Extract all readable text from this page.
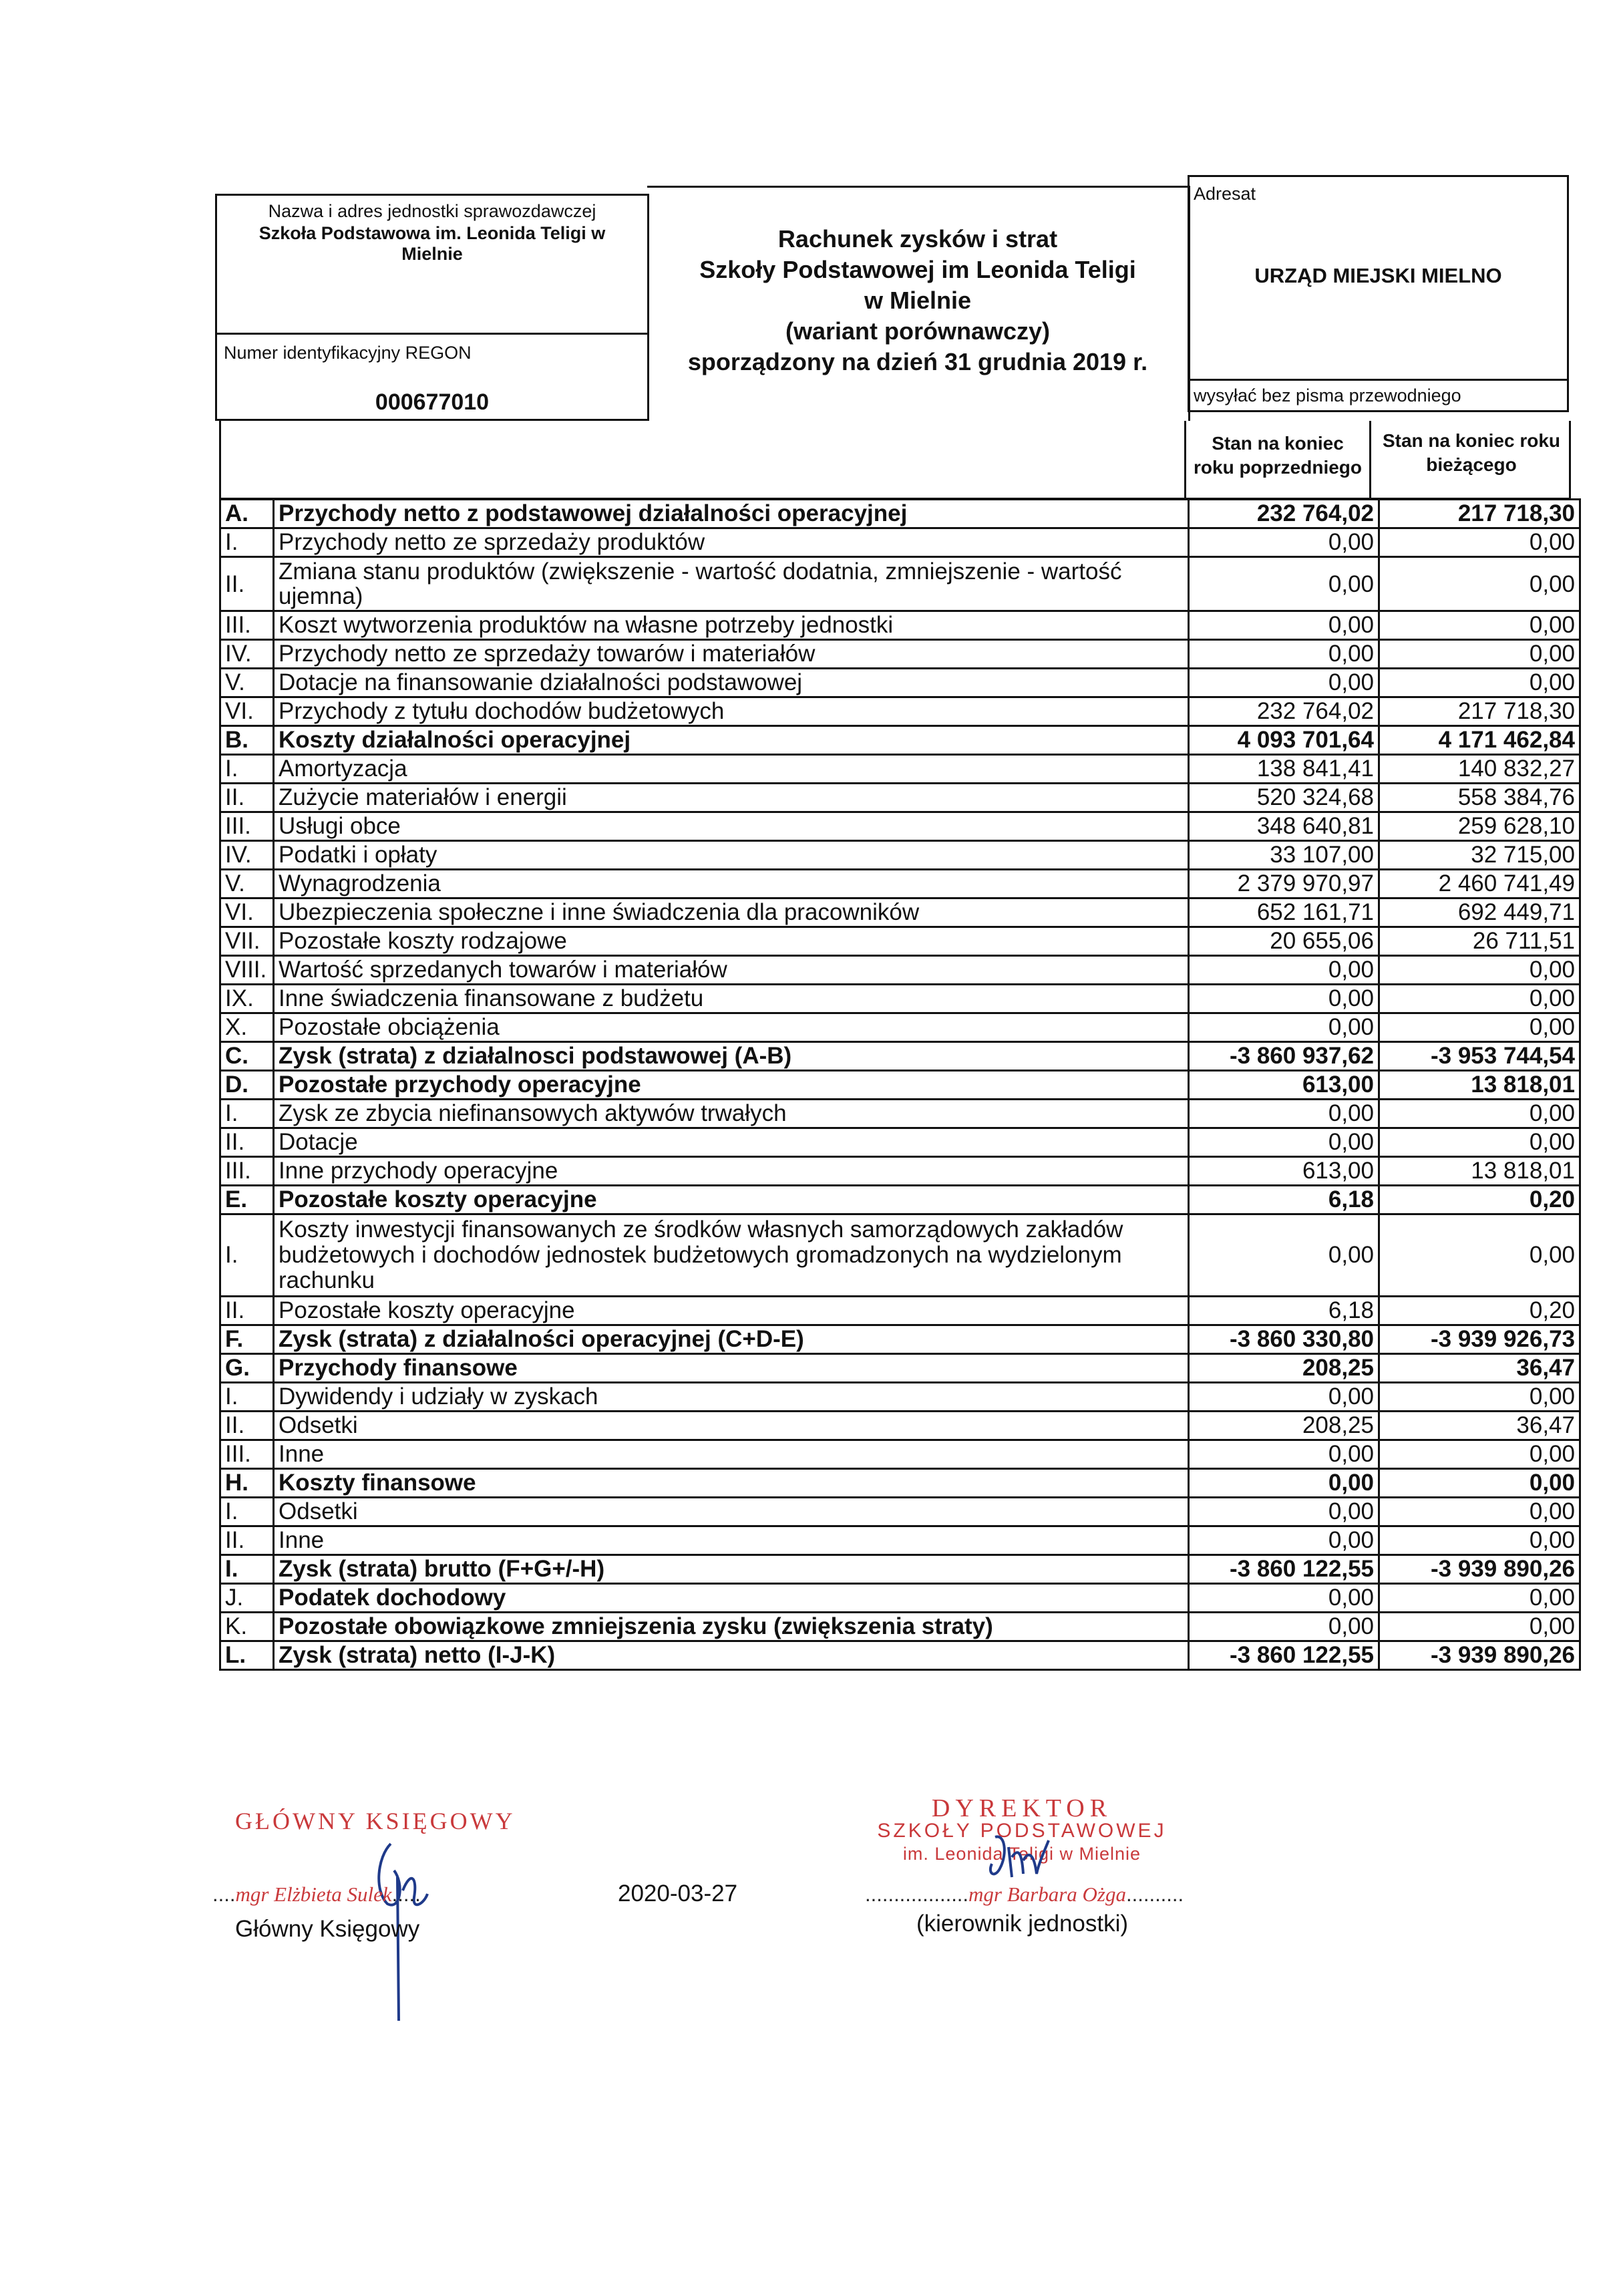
Nazwa i adres jednostki sprawozdawczej
Szkoła Podstawowa im. Leonida Teligi w
Mielnie
Numer identyfikacyjny REGON
000677010
Rachunek zysków i strat
Szkoły Podstawowej im Leonida Teligi
w Mielnie
(wariant porównawczy)
sporządzony na dzień 31 grudnia 2019 r.
Adresat
URZĄD MIEJSKI MIELNO
wysyłać bez pisma przewodniego
Stan na koniec
roku poprzedniego
Stan na koniec roku
bieżącego
A.	Przychody netto z podstawowej działalności operacyjnej	232 764,02	217 718,30
I.	Przychody netto ze sprzedaży produktów	0,00	0,00
II.	Zmiana stanu produktów (zwiększenie - wartość dodatnia, zmniejszenie - wartość ujemna)	0,00	0,00
III.	Koszt wytworzenia produktów na własne potrzeby jednostki	0,00	0,00
IV.	Przychody netto ze sprzedaży towarów i materiałów	0,00	0,00
V.	Dotacje na finansowanie działalności podstawowej	0,00	0,00
VI.	Przychody z tytułu dochodów budżetowych	232 764,02	217 718,30
B.	Koszty działalności operacyjnej	4 093 701,64	4 171 462,84
I.	Amortyzacja	138 841,41	140 832,27
II.	Zużycie materiałów i energii	520 324,68	558 384,76
III.	Usługi obce	348 640,81	259 628,10
IV.	Podatki i opłaty	33 107,00	32 715,00
V.	Wynagrodzenia	2 379 970,97	2 460 741,49
VI.	Ubezpieczenia społeczne i inne świadczenia dla pracowników	652 161,71	692 449,71
VII.	Pozostałe koszty rodzajowe	20 655,06	26 711,51
VIII.	Wartość sprzedanych towarów i materiałów	0,00	0,00
IX.	Inne świadczenia finansowane z budżetu	0,00	0,00
X.	Pozostałe obciążenia	0,00	0,00
C.	Zysk (strata) z działalnosci podstawowej (A-B)	-3 860 937,62	-3 953 744,54
D.	Pozostałe przychody operacyjne	613,00	13 818,01
I.	Zysk ze zbycia niefinansowych aktywów trwałych	0,00	0,00
II.	Dotacje	0,00	0,00
III.	Inne przychody operacyjne	613,00	13 818,01
E.	Pozostałe koszty operacyjne	6,18	0,20
I.	Koszty inwestycji finansowanych ze środków własnych samorządowych zakładów budżetowych i dochodów jednostek budżetowych gromadzonych na wydzielonym rachunku	0,00	0,00
II.	Pozostałe koszty operacyjne	6,18	0,20
F.	Zysk (strata) z działalności operacyjnej (C+D-E)	-3 860 330,80	-3 939 926,73
G.	Przychody finansowe	208,25	36,47
I.	Dywidendy i udziały w zyskach	0,00	0,00
II.	Odsetki	208,25	36,47
III.	Inne	0,00	0,00
H.	Koszty finansowe	0,00	0,00
I.	Odsetki	0,00	0,00
II.	Inne	0,00	0,00
I.	Zysk (strata) brutto (F+G+/-H)	-3 860 122,55	-3 939 890,26
J.	Podatek dochodowy	0,00	0,00
K.	Pozostałe obowiązkowe zmniejszenia zysku (zwiększenia straty)	0,00	0,00
L.	Zysk (strata) netto (I-J-K)	-3 860 122,55	-3 939 890,26
GŁÓWNY KSIĘGOWY
....mgr Elżbieta Sulek.....
Główny Księgowy
2020-03-27
DYREKTOR
SZKOŁY PODSTAWOWEJ
im. Leonida Teligi w Mielnie
..................mgr Barbara Ożga..........
(kierownik jednostki)
